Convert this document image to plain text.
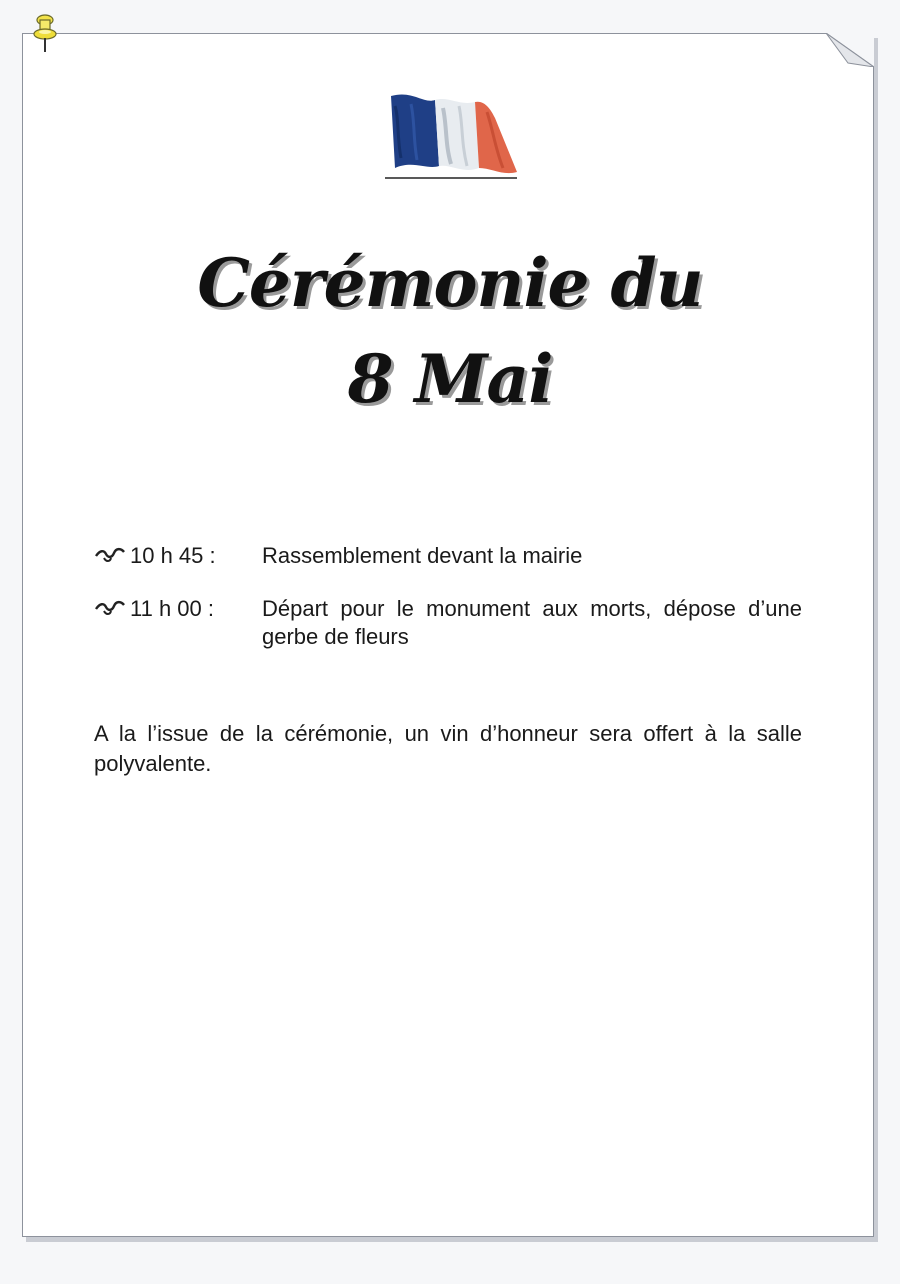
Cérémonie du
8 Mai
10 h 45 : Rassemblement devant la mairie
11 h 00 : Départ pour le monument aux morts, dépose d’une gerbe de fleurs

A la l’issue de la cérémonie, un vin d’honneur sera offert à la salle polyvalente.
